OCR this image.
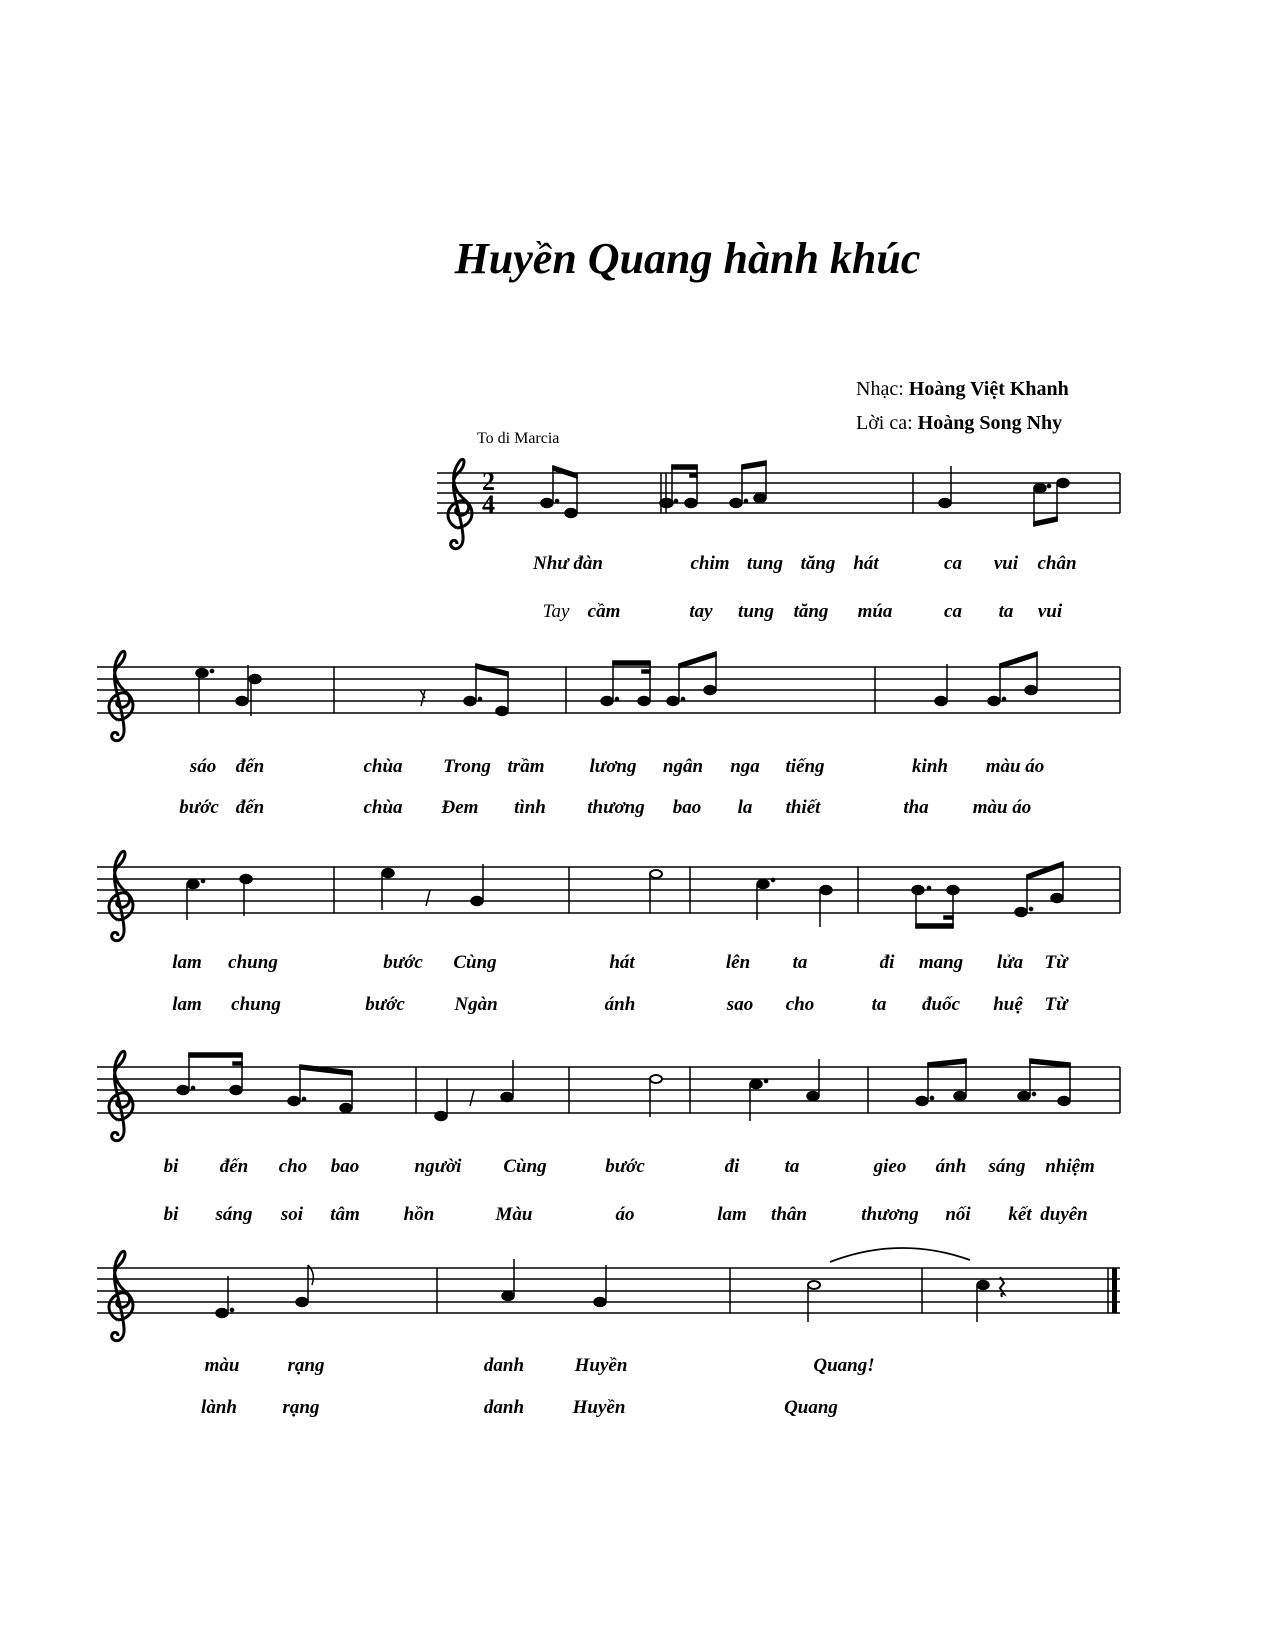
Huyền Quang hành khúc
Nhạc: Hoàng Việt Khanh
Lời ca: Hoàng Song Nhy
To di Marcia
2
4
Như đàn	chim tung tăng hát	ca vui chân
Tay cầm	tay tung tăng múa	ca ta vui
sáo đến	chùa Trong trầm lương ngân nga tiếng	kinh màu áo
bước đến	chùa Đem tình thương bao la thiết	tha màu áo
lam chung	bước Cùng	hát	lên ta	đi mang lửa Từ
lam chung	bước	Ngàn	ánh	sao cho	ta đuốc huệ Từ
bi đến cho bao	người Cùng	bước	đi ta	gieo ánh sáng nhiệm
bi sáng soi tâm hồn	Màu	áo	lam thân	thương nối kết duyên
màu	rạng	danh	Huyền	Quang!
lành rạng	danh	Huyền	Quang
